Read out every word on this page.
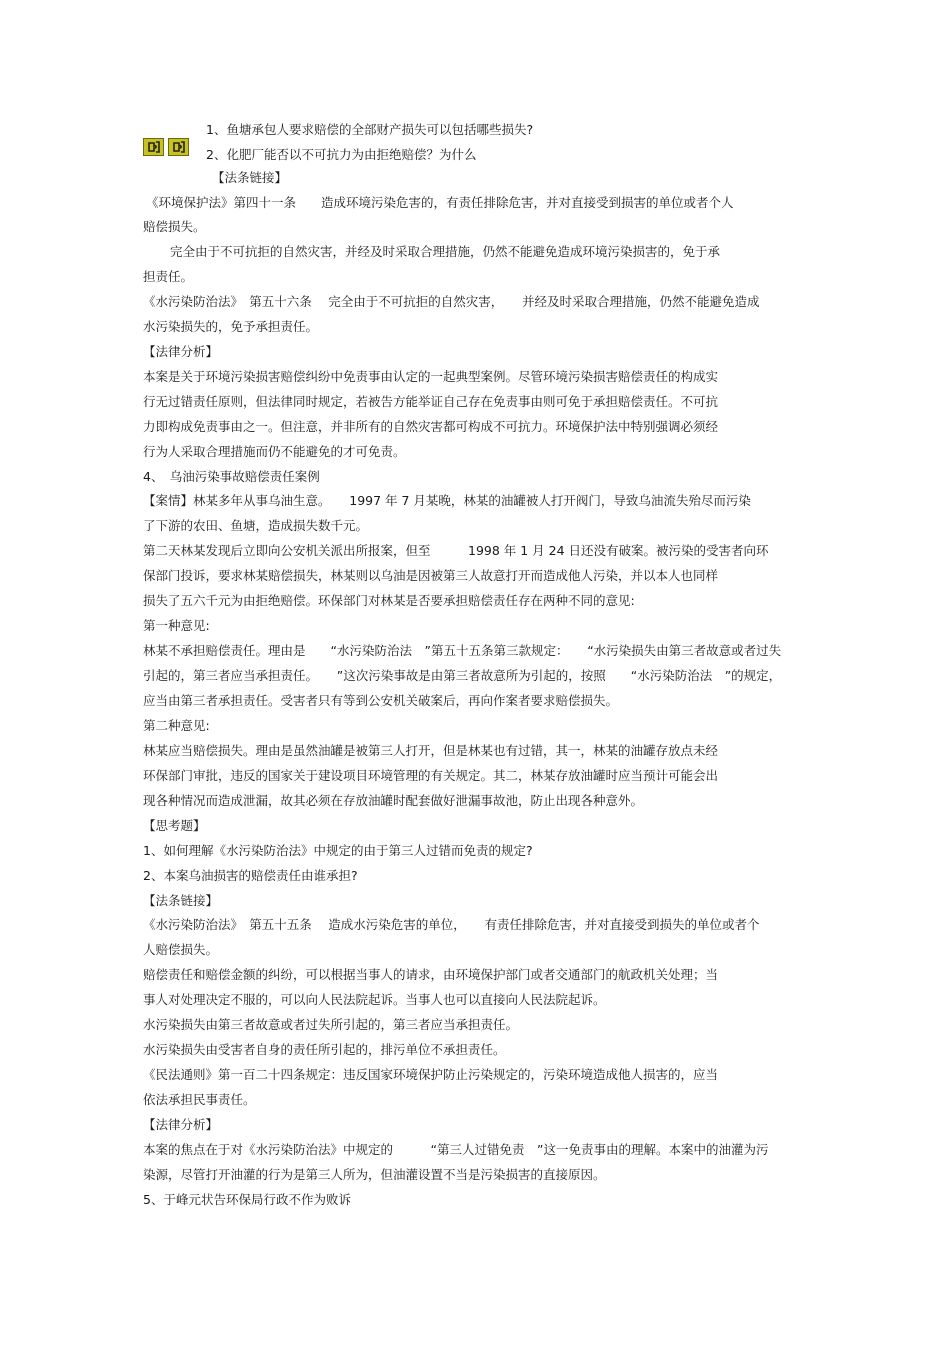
1、鱼塘承包人要求赔偿的全部财产损失可以包括哪些损失?
2、化肥厂能否以不可抗力为由拒绝赔偿？为什么
【法条链接】
《环境保护法》第四十一条　　造成环境污染危害的，有责任排除危害，并对直接受到损害的单位或者个人
赔偿损失。
完全由于不可抗拒的自然灾害，并经及时采取合理措施，仍然不能避免造成环境污染损害的，免于承
担责任。
《水污染防治法》　第五十六条　 完全由于不可抗拒的自然灾害，　　并经及时采取合理措施，仍然不能避免造成
水污染损失的，免予承担责任。
【法律分析】
本案是关于环境污染损害赔偿纠纷中免责事由认定的一起典型案例。尽管环境污染损害赔偿责任的构成实
行无过错责任原则，但法律同时规定，若被告方能举证自己存在免责事由则可免于承担赔偿责任。不可抗
力即构成免责事由之一。但注意，并非所有的自然灾害都可构成不可抗力。环境保护法中特别强调必须经
行为人采取合理措施而仍不能避免的才可免责。
4、　乌油污染事故赔偿责任案例
【案情】林某多年从事乌油生意。　　1997 年 7 月某晚，林某的油罐被人打开阀门，导致乌油流失殆尽而污染
了下游的农田、鱼塘，造成损失数千元。
第二天林某发现后立即向公安机关派出所报案，但至　　　1998 年 1 月 24 日还没有破案。被污染的受害者向环
保部门投诉，要求林某赔偿损失，林某则以乌油是因被第三人故意打开而造成他人污染，并以本人也同样
损失了五六千元为由拒绝赔偿。环保部门对林某是否要承担赔偿责任存在两种不同的意见:
第一种意见:
林某不承担赔偿责任。理由是　　“水污染防治法　”第五十五条第三款规定：　　“水污染损失由第三者故意或者过失
引起的，第三者应当承担责任。　　”这次污染事故是由第三者故意所为引起的，按照　　“水污染防治法　”的规定，
应当由第三者承担责任。受害者只有等到公安机关破案后，再向作案者要求赔偿损失。
第二种意见:
林某应当赔偿损失。理由是虽然油罐是被第三人打开，但是林某也有过错，其一，林某的油罐存放点未经
环保部门审批，违反的国家关于建设项目环境管理的有关规定。其二，林某存放油罐时应当预计可能会出
现各种情况而造成泄漏，故其必须在存放油罐时配套做好泄漏事故池，防止出现各种意外。
【思考题】
1、如何理解《水污染防治法》中规定的由于第三人过错而免责的规定?
2、本案乌油损害的赔偿责任由谁承担?
【法条链接】
《水污染防治法》　第五十五条　 造成水污染危害的单位，　　有责任排除危害，并对直接受到损失的单位或者个
人赔偿损失。
赔偿责任和赔偿金额的纠纷，可以根据当事人的请求，由环境保护部门或者交通部门的航政机关处理；当
事人对处理决定不服的，可以向人民法院起诉。当事人也可以直接向人民法院起诉。
水污染损失由第三者故意或者过失所引起的，第三者应当承担责任。
水污染损失由受害者自身的责任所引起的，排污单位不承担责任。
《民法通则》第一百二十四条规定：违反国家环境保护防止污染规定的，污染环境造成他人损害的，应当
依法承担民事责任。
【法律分析】
本案的焦点在于对《水污染防治法》中规定的　　　“第三人过错免责　”这一免责事由的理解。本案中的油灌为污
染源，尽管打开油灌的行为是第三人所为，但油灌设置不当是污染损害的直接原因。
5、于峰元状告环保局行政不作为败诉
